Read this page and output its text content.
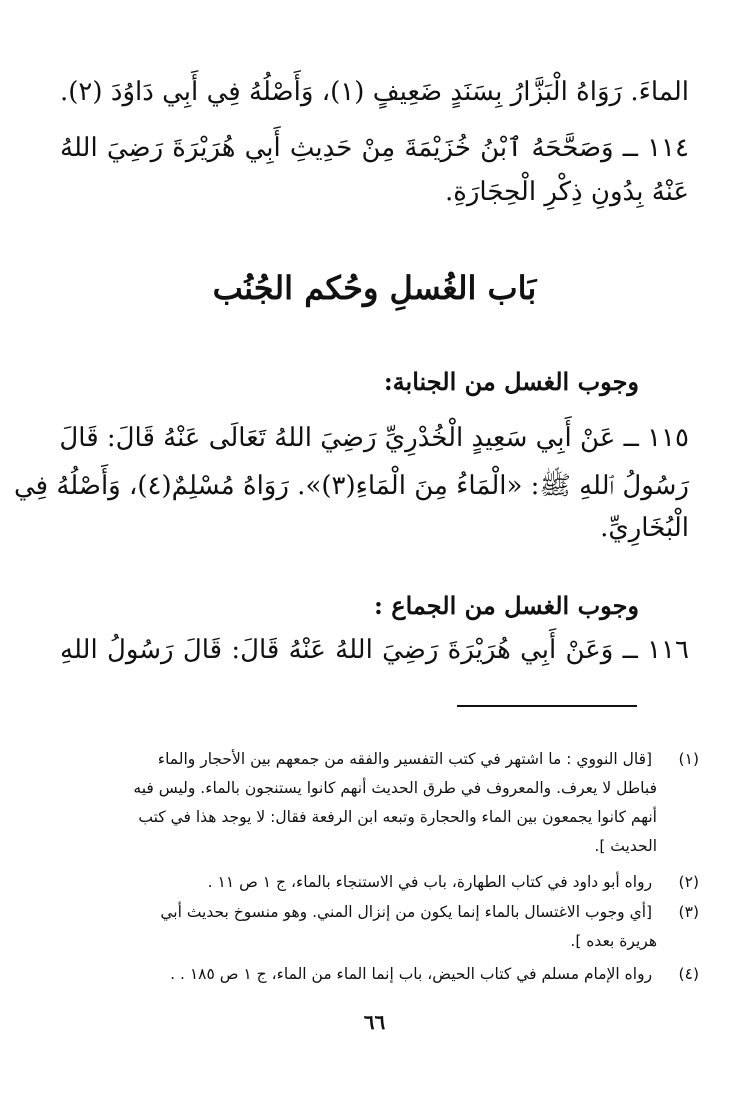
الماءَ. رَوَاهُ الْبَزَّارُ بِسَنَدٍ ضَعِيفٍ (١)، وَأَصْلُهُ فِي أَبِي دَاوُدَ (٢).
١١٤ ــ وَصَحَّحَهُ ٱبْنُ خُزَيْمَةَ مِنْ حَدِيثِ أَبِي هُرَيْرَةَ رَضِيَ اللهُ
عَنْهُ بِدُونِ ذِكْرِ الْحِجَارَةِ.
بَاب الغُسلِ وحُكم الجُنُب
وجوب الغسل من الجنابة:
١١٥ ــ عَنْ أَبِي سَعِيدٍ الْخُدْرِيِّ رَضِيَ اللهُ تَعَالَى عَنْهُ قَالَ: قَالَ
رَسُولُ ٱللهِ ﷺ: «الْمَاءُ مِنَ الْمَاءِ(٣)». رَوَاهُ مُسْلِمٌ(٤)، وَأَصْلُهُ فِي
الْبُخَارِيِّ.
وجوب الغسل من الجماع :
١١٦ ــ وَعَنْ أَبِي هُرَيْرَةَ رَضِيَ اللهُ عَنْهُ قَالَ: قَالَ رَسُولُ اللهِ
(١) [قال النووي : ما اشتهر في كتب التفسير والفقه من جمعهم بين الأحجار والماء
فباطل لا يعرف. والمعروف في طرق الحديث أنهم كانوا يستنجون بالماء. وليس فيه
أنهم كانوا يجمعون بين الماء والحجارة وتبعه ابن الرفعة فقال: لا يوجد هذا في كتب
الحديث ].
(٢) رواه أبو داود في كتاب الطهارة، باب في الاستنجاء بالماء، ج ١ ص ١١ .
(٣) [أي وجوب الاغتسال بالماء إنما يكون من إنزال المني. وهو منسوخ بحديث أبي
هريرة بعده ].
(٤) رواه الإمام مسلم في كتاب الحيض، باب إنما الماء من الماء، ج ١ ص ١٨٥ . .
٦٦
